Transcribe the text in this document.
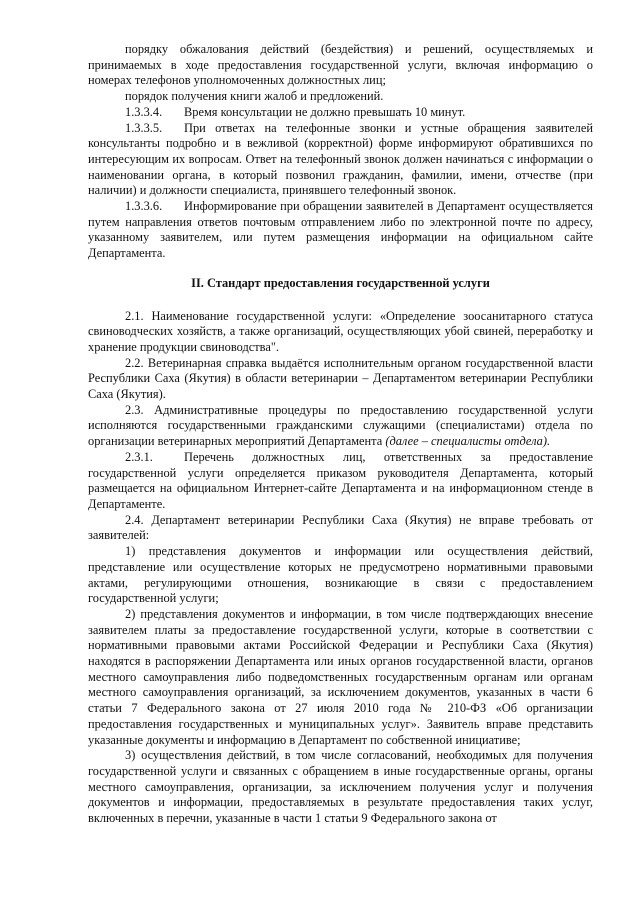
порядку обжалования действий (бездействия) и решений, осуществляемых и принимаемых в ходе предоставления государственной услуги, включая информацию о номерах телефонов уполномоченных должностных лиц;

порядок получения книги жалоб и предложений.

1.3.3.4. Время консультации не должно превышать 10 минут.

1.3.3.5. При ответах на телефонные звонки и устные обращения заявителей консультанты подробно и в вежливой (корректной) форме информируют обратившихся по интересующим их вопросам. Ответ на телефонный звонок должен начинаться с информации о наименовании органа, в который позвонил гражданин, фамилии, имени, отчестве (при наличии) и должности специалиста, принявшего телефонный звонок.

1.3.3.6. Информирование при обращении заявителей в Департамент осуществляется путем направления ответов почтовым отправлением либо по электронной почте по адресу, указанному заявителем, или путем размещения информации на официальном сайте Департамента.

II. Стандарт предоставления государственной услуги

2.1. Наименование государственной услуги: «Определение зоосанитарного статуса свиноводческих хозяйств, а также организаций, осуществляющих убой свиней, переработку и хранение продукции свиноводства".

2.2. Ветеринарная справка выдаётся исполнительным органом государственной власти Республики Саха (Якутия) в области ветеринарии – Департаментом ветеринарии Республики Саха (Якутия).

2.3. Административные процедуры по предоставлению государственной услуги исполняются государственными гражданскими служащими (специалистами) отдела по организации ветеринарных мероприятий Департамента (далее – специалисты отдела).

2.3.1.	Перечень должностных лиц, ответственных за предоставление государственной услуги определяется приказом руководителя Департамента, который размещается на официальном Интернет-сайте Департамента и на информационном стенде в Департаменте.

2.4. Департамент ветеринарии Республики Саха (Якутия) не вправе требовать от заявителей:

1) представления документов и информации или осуществления действий, представление или осуществление которых не предусмотрено нормативными правовыми актами, регулирующими отношения, возникающие в связи с предоставлением государственной услуги;

2) представления документов и информации, в том числе подтверждающих внесение заявителем платы за предоставление государственной услуги, которые в соответствии с нормативными правовыми актами Российской Федерации и Республики Саха (Якутия) находятся в распоряжении Департамента или иных органов государственной власти, органов местного самоуправления либо подведомственных государственным органам или органам местного самоуправления организаций, за исключением документов, указанных в части 6 статьи 7 Федерального закона от 27 июля 2010 года № 210-ФЗ «Об организации предоставления государственных и муниципальных услуг». Заявитель вправе представить указанные документы и информацию в Департамент по собственной инициативе;

3) осуществления действий, в том числе согласований, необходимых для получения государственной услуги и связанных с обращением в иные государственные органы, органы местного самоуправления, организации, за исключением получения услуг и получения документов и информации, предоставляемых в результате предоставления таких услуг, включенных в перечни, указанные в части 1 статьи 9 Федерального закона от
